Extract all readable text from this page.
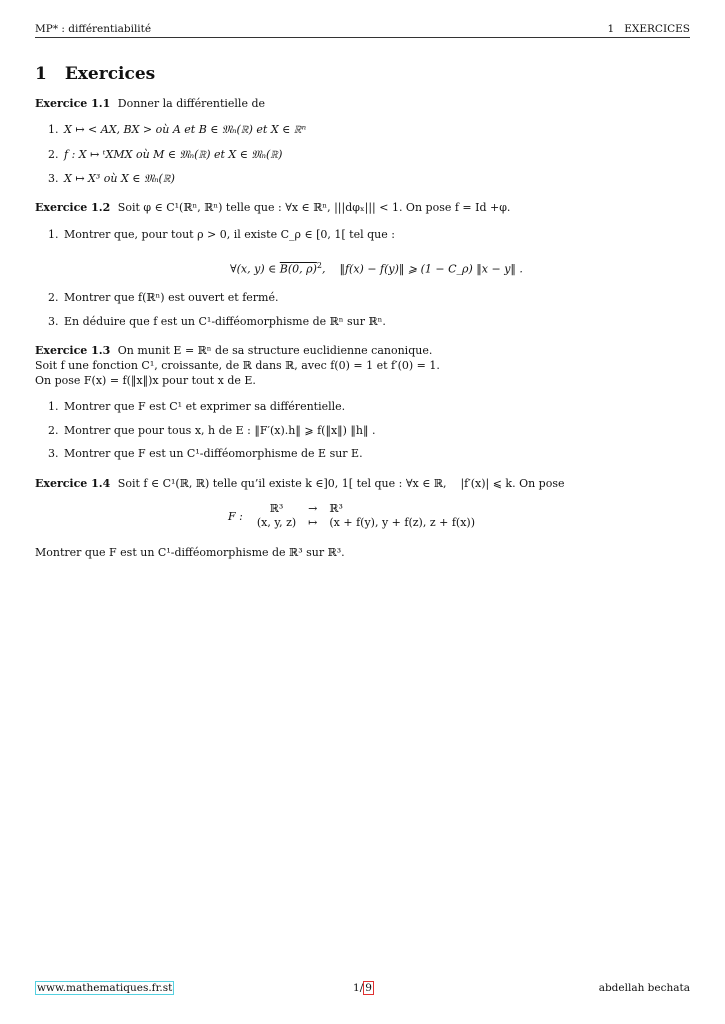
MP* : différentiabilité	1   EXERCICES
1 Exercices
Exercice 1.1 Donner la différentielle de
1. X ↦ < AX, BX > où A et B ∈ 𝔐ₙ(ℝ) et X ∈ ℝⁿ
2. f : X ↦ ᵗXMX où M ∈ 𝔐ₙ(ℝ) et X ∈ 𝔐ₙ(ℝ)
3. X ↦ X³ où X ∈ 𝔐ₙ(ℝ)
Exercice 1.2 Soit φ ∈ C¹(ℝⁿ, ℝⁿ) telle que : ∀x ∈ ℝⁿ, |||dφₓ||| < 1. On pose f = Id +φ.
1. Montrer que, pour tout ρ > 0, il existe C_ρ ∈ [0, 1[ tel que :
∀(x, y) ∈ B(0, ρ)$^2$,    ‖f(x) − f(y)‖ ⩾ (1 − C_ρ) ‖x − y‖ .
2. Montrer que f(ℝⁿ) est ouvert et fermé.
3. En déduire que f est un C¹-difféomorphisme de ℝⁿ sur ℝⁿ.
Exercice 1.3 On munit E = ℝⁿ de sa structure euclidienne canonique.
Soit f une fonction C¹, croissante, de ℝ dans ℝ, avec f(0) = 1 et f′(0) = 1.
On pose F(x) = f(‖x‖)x pour tout x de E.
1. Montrer que F est C¹ et exprimer sa différentielle.
2. Montrer que pour tous x, h de E : ‖F′(x).h‖ ⩾ f(‖x‖) ‖h‖ .
3. Montrer que F est un C¹-difféomorphisme de E sur E.
Exercice 1.4 Soit f ∈ C¹(ℝ, ℝ) telle qu’il existe k ∈]0, 1[ tel que : ∀x ∈ ℝ,    |f′(x)| ⩽ k. On pose
F :
ℝ³	→	ℝ³
(x, y, z)	↦	(x + f(y), y + f(z), z + f(x))
Montrer que F est un C¹-difféomorphisme de ℝ³ sur ℝ³.
www.mathematiques.fr.st	1/ 9	abdellah bechata
